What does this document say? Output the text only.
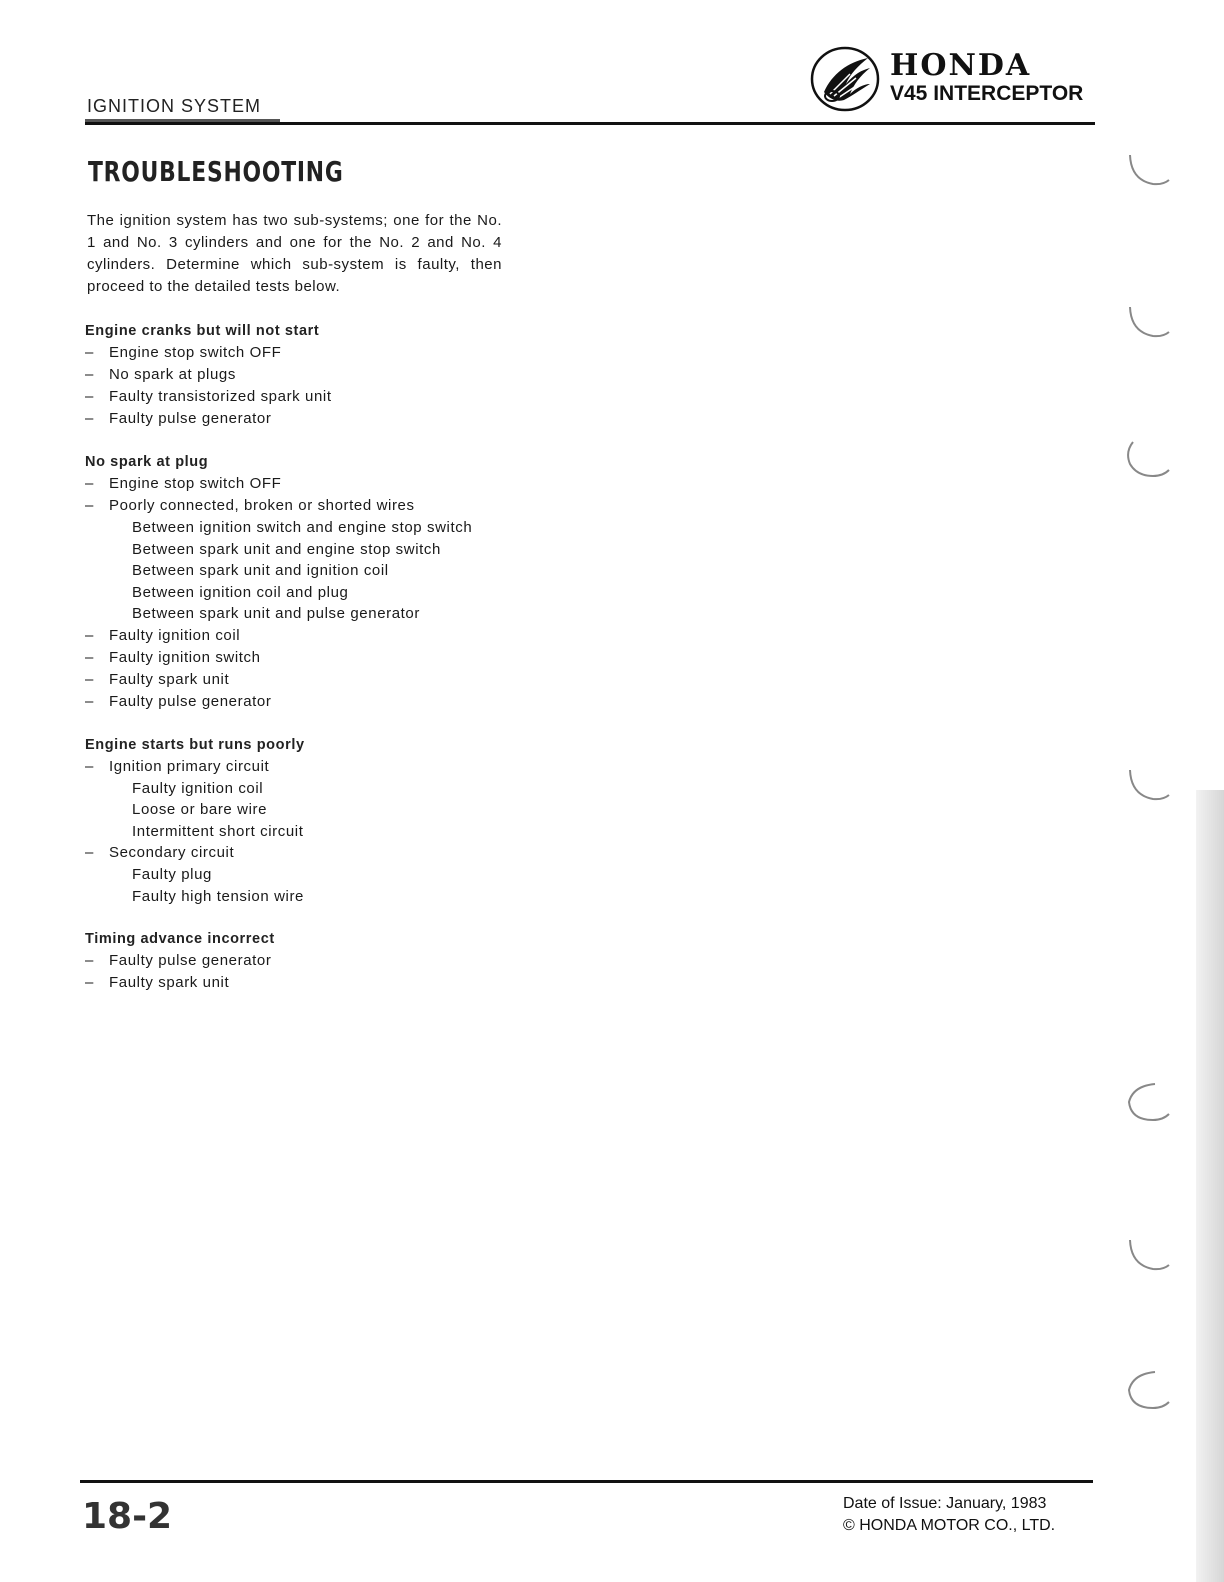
IGNITION SYSTEM
HONDA
V45 INTERCEPTOR
TROUBLESHOOTING
The ignition system has two sub-systems; one for the No. 1 and No. 3 cylinders and one for the No. 2 and No. 4 cylinders. Determine which sub-system is faulty, then proceed to the detailed tests below.
Engine cranks but will not start
– Engine stop switch OFF
– No spark at plugs
– Faulty transistorized spark unit
– Faulty pulse generator
No spark at plug
– Engine stop switch OFF
– Poorly connected, broken or shorted wires
Between ignition switch and engine stop switch
Between spark unit and engine stop switch
Between spark unit and ignition coil
Between ignition coil and plug
Between spark unit and pulse generator
– Faulty ignition coil
– Faulty ignition switch
– Faulty spark unit
– Faulty pulse generator
Engine starts but runs poorly
– Ignition primary circuit
Faulty ignition coil
Loose or bare wire
Intermittent short circuit
– Secondary circuit
Faulty plug
Faulty high tension wire
Timing advance incorrect
– Faulty pulse generator
– Faulty spark unit
18-2	Date of Issue: January, 1983
© HONDA MOTOR CO., LTD.
